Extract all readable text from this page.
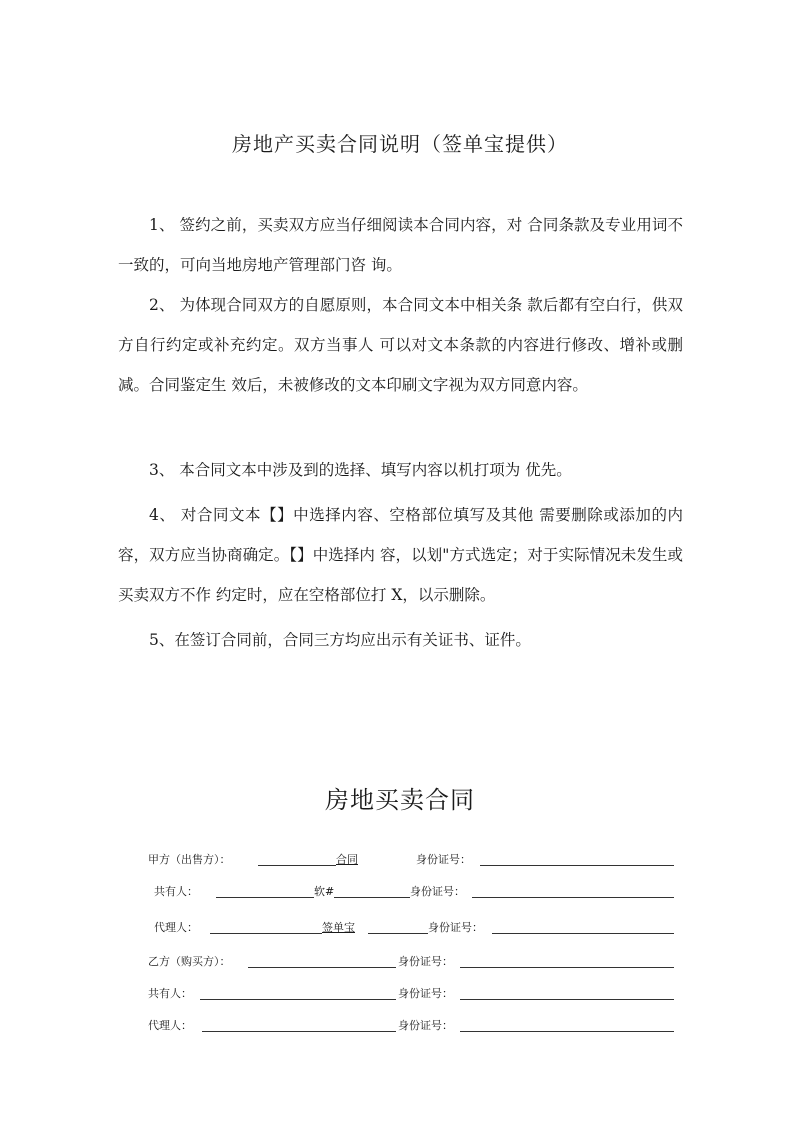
房地产买卖合同说明（签单宝提供）
1、 签约之前，买卖双方应当仔细阅读本合同内容，对 合同条款及专业用词不一致的，可向当地房地产管理部门咨 询。
2、 为体现合同双方的自愿原则，本合同文本中相关条 款后都有空白行，供双方自行约定或补充约定。双方当事人 可以对文本条款的内容进行修改、增补或删减。合同鉴定生 效后，未被修改的文本印刷文字视为双方同意内容。
3、 本合同文本中涉及到的选择、填写内容以机打项为 优先。
4、 对合同文本【】中选择内容、空格部位填写及其他 需要删除或添加的内容，双方应当协商确定。【】中选择内 容，以划"方式选定；对于实际情况未发生或买卖双方不作 约定时，应在空格部位打 X，以示删除。
5、在签订合同前，合同三方均应出示有关证书、证件。
房地买卖合同
甲方（出售方）：	合同	身份证号：
共有人：	软#	身份证号：
代理人：	签单宝	身份证号：
乙方（购买方）：	身份证号：
共有人：	身份证号：
代理人：	身份证号：
